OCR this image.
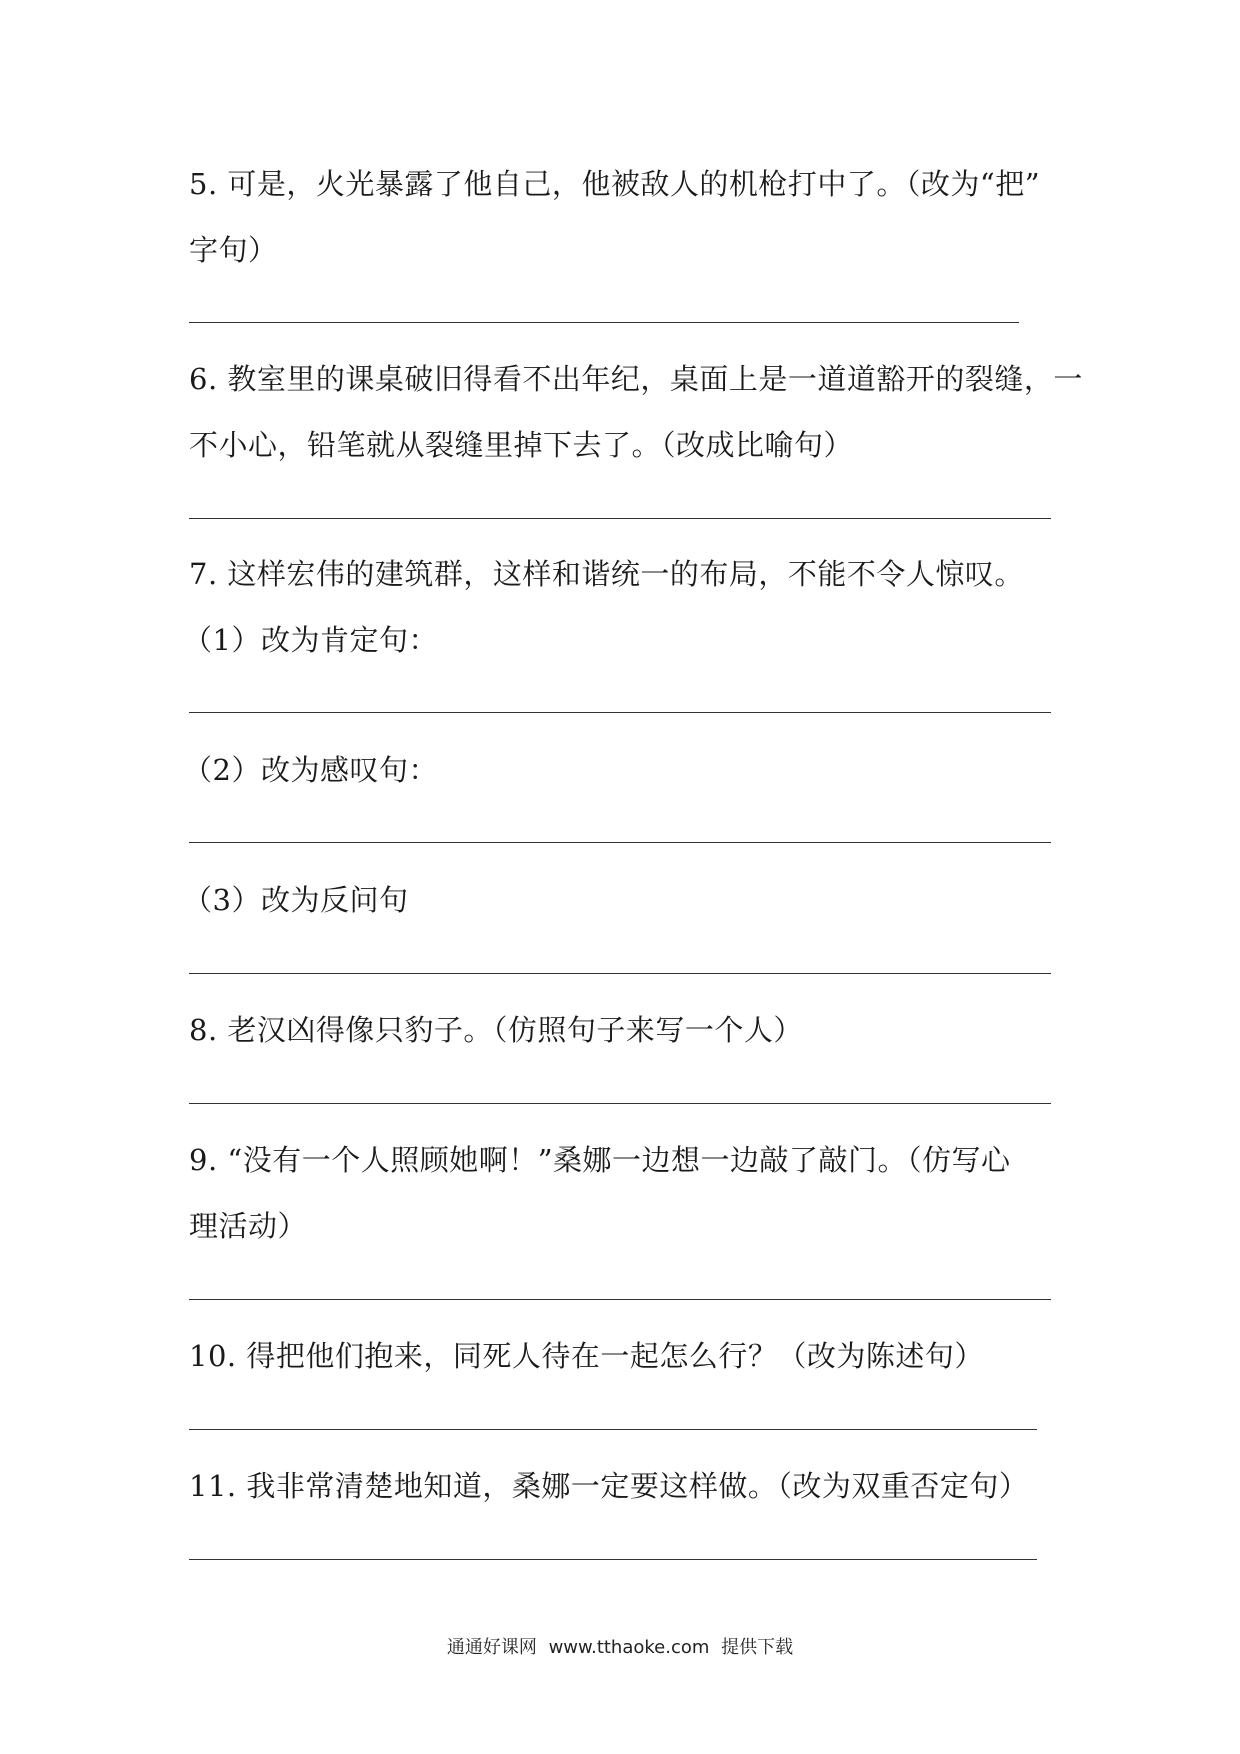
5. 可是，火光暴露了他自己，他被敌人的机枪打中了。（改为“把”
字句）
6. 教室里的课桌破旧得看不出年纪，桌面上是一道道豁开的裂缝，一
不小心，铅笔就从裂缝里掉下去了。（改成比喻句）
7. 这样宏伟的建筑群，这样和谐统一的布局，不能不令人惊叹。
（1）改为肯定句：
（2）改为感叹句：
（3）改为反问句
8. 老汉凶得像只豹子。（仿照句子来写一个人）
9. “没有一个人照顾她啊！”桑娜一边想一边敲了敲门。（仿写心
理活动）
10. 得把他们抱来，同死人待在一起怎么行？（改为陈述句）
11. 我非常清楚地知道，桑娜一定要这样做。（改为双重否定句）
通通好课网 www.tthaoke.com 提供下载
